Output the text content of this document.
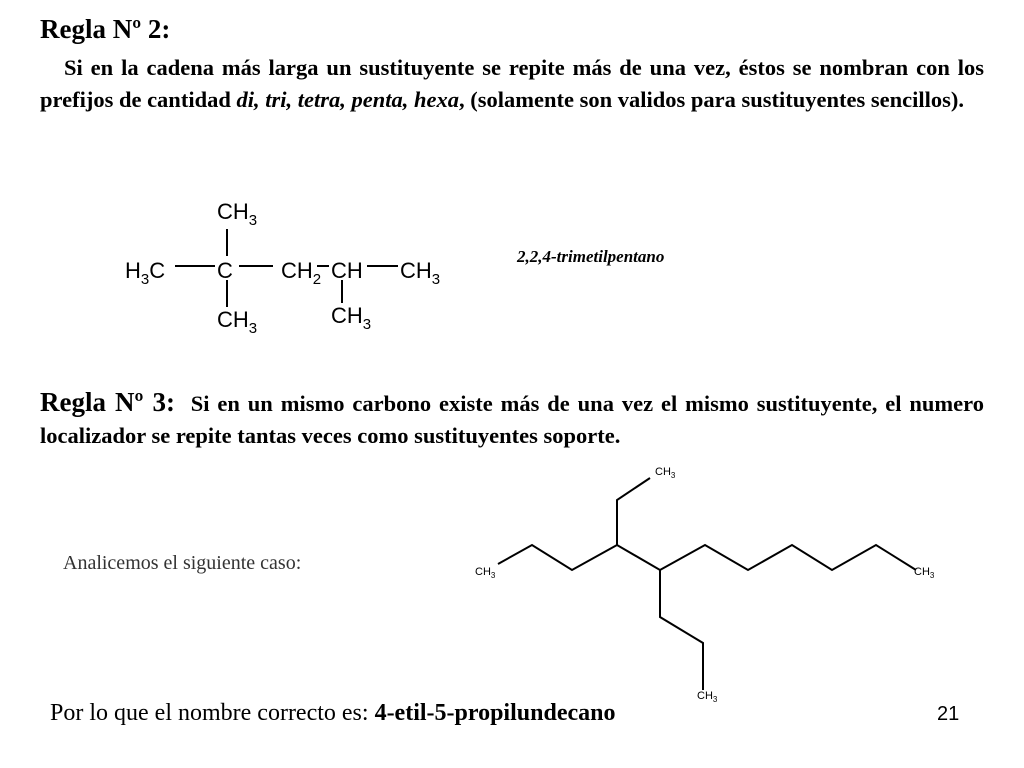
Regla Nº 2:
Si en la cadena más larga un sustituyente se repite más de una vez, éstos se nombran con los prefijos de cantidad di, tri, tetra, penta, hexa, (solamente son validos para sustituyentes sencillos).
$H_3C$ C $CH_2$ CH $CH_3$
$CH_3$
$CH_3$
$CH_3$
2,2,4-trimetilpentano
Regla Nº 3: Si en un mismo carbono existe más de una vez el mismo sustituyente, el numero localizador se repite tantas veces como sustituyentes soporte.
Analicemos el siguiente caso:	$CH_3$	$CH_3$
$CH_3$
$CH_3$
Por lo que el nombre correcto es: 4-etil-5-propilundecano	21
